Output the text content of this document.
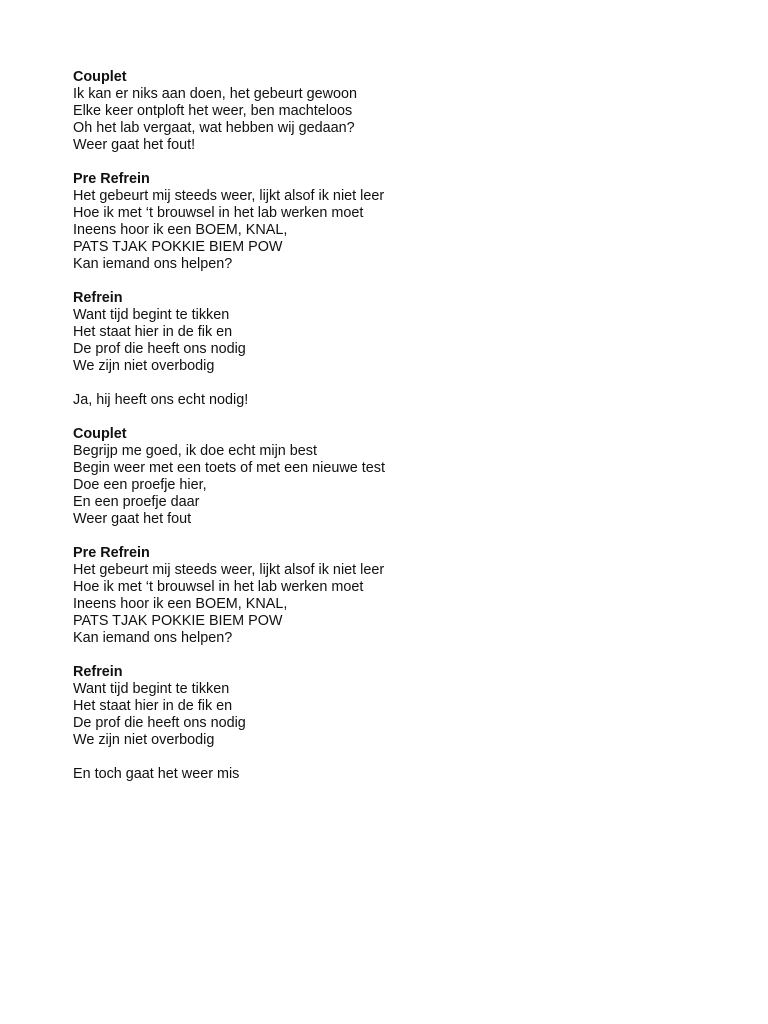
Couplet
Ik kan er niks aan doen, het gebeurt gewoon
Elke keer ontploft het weer, ben machteloos
Oh het lab vergaat, wat hebben wij gedaan?
Weer gaat het fout!
Pre Refrein
Het gebeurt mij steeds weer, lijkt alsof ik niet leer
Hoe ik met ‘t brouwsel in het lab werken moet
Ineens hoor ik een BOEM, KNAL,
PATS TJAK POKKIE BIEM POW
Kan iemand ons helpen?
Refrein
Want tijd begint te tikken
Het staat hier in de fik en
De prof die heeft ons nodig
We zijn niet overbodig
Ja, hij heeft ons echt nodig!
Couplet
Begrijp me goed, ik doe echt mijn best
Begin weer met een toets of met een nieuwe test
Doe een proefje hier,
En een proefje daar
Weer gaat het fout
Pre Refrein
Het gebeurt mij steeds weer, lijkt alsof ik niet leer
Hoe ik met ‘t brouwsel in het lab werken moet
Ineens hoor ik een BOEM, KNAL,
PATS TJAK POKKIE BIEM POW
Kan iemand ons helpen?
Refrein
Want tijd begint te tikken
Het staat hier in de fik en
De prof die heeft ons nodig
We zijn niet overbodig
En toch gaat het weer mis
